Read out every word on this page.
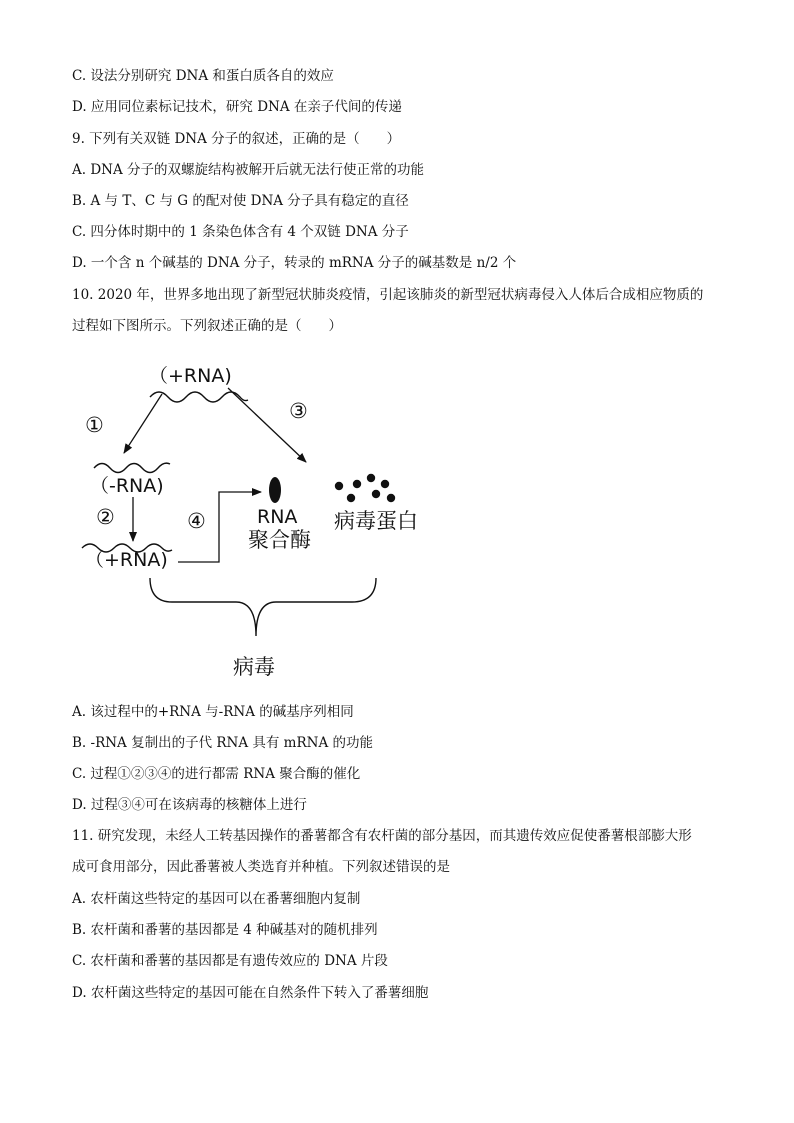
C. 设法分别研究 DNA 和蛋白质各自的效应
D. 应用同位素标记技术，研究 DNA 在亲子代间的传递
9. 下列有关双链 DNA 分子的叙述，正确的是（　　）
A. DNA 分子的双螺旋结构被解开后就无法行使正常的功能
B. A 与 T、C 与 G 的配对使 DNA 分子具有稳定的直径
C. 四分体时期中的 1 条染色体含有 4 个双链 DNA 分子
D. 一个含 n 个碱基的 DNA 分子，转录的 mRNA 分子的碱基数是 n/2 个
10. 2020 年，世界多地出现了新型冠状肺炎疫情，引起该肺炎的新型冠状病毒侵入人体后合成相应物质的
过程如下图所示。下列叙述正确的是（　　）
（+RNA)
①
③
（-RNA)
②
（+RNA)
④	RNA
聚合酶
病毒蛋白
病毒
A. 该过程中的+RNA 与-RNA 的碱基序列相同
B. -RNA 复制出的子代 RNA 具有 mRNA 的功能
C. 过程①②③④的进行都需 RNA 聚合酶的催化
D. 过程③④可在该病毒的核糖体上进行
11. 研究发现，未经人工转基因操作的番薯都含有农杆菌的部分基因，而其遗传效应促使番薯根部膨大形
成可食用部分，因此番薯被人类选育并种植。下列叙述错误的是
A. 农杆菌这些特定的基因可以在番薯细胞内复制
B. 农杆菌和番薯的基因都是 4 种碱基对的随机排列
C. 农杆菌和番薯的基因都是有遗传效应的 DNA 片段
D. 农杆菌这些特定的基因可能在自然条件下转入了番薯细胞
